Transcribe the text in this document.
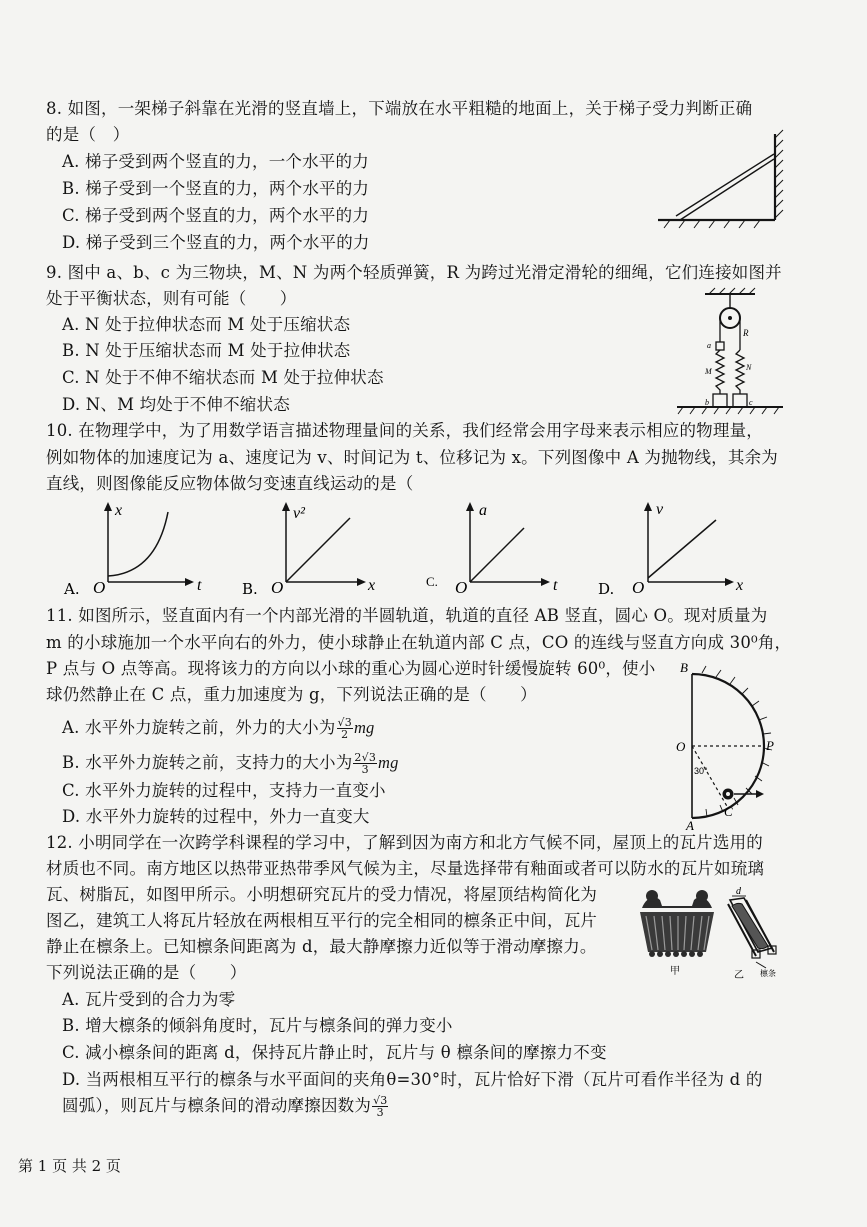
8. 如图，一架梯子斜靠在光滑的竖直墙上，下端放在水平粗糙的地面上，关于梯子受力判断正确
的是（　）
A. 梯子受到两个竖直的力，一个水平的力
B. 梯子受到一个竖直的力，两个水平的力
C. 梯子受到两个竖直的力，两个水平的力
D. 梯子受到三个竖直的力，两个水平的力
9. 图中 a、b、c 为三物块，M、N 为两个轻质弹簧，R 为跨过光滑定滑轮的细绳，它们连接如图并
处于平衡状态，则有可能（　　）
A. N 处于拉伸状态而 M 处于压缩状态
B. N 处于压缩状态而 M 处于拉伸状态
C. N 处于不伸不缩状态而 M 处于拉伸状态
D. N、M 均处于不伸不缩状态
R
a
M	N
b	c
10. 在物理学中，为了用数学语言描述物理量间的关系，我们经常会用字母来表示相应的物理量，
例如物体的加速度记为 a、速度记为 v、时间记为 t、位移记为 x。下列图像中 A 为抛物线，其余为
直线，则图像能反应物体做匀变速直线运动的是（
A. O
x
t	B. O
v²
x	C. O
a
t	D. O
v
x
11. 如图所示，竖直面内有一个内部光滑的半圆轨道，轨道的直径 AB 竖直，圆心 O。现对质量为
m 的小球施加一个水平向右的外力，使小球静止在轨道内部 C 点，CO 的连线与竖直方向成 30⁰角，
P 点与 O 点等高。现将该力的方向以小球的重心为圆心逆时针缓慢旋转 60⁰，使小
球仍然静止在 C 点，重力加速度为 g，下列说法正确的是（　　）
A. 水平外力旋转之前，外力的大小为 $\frac{√3}{2}$ mg
B. 水平外力旋转之前，支持力的大小为 $\frac{2√3}{3}$ mg
C. 水平外力旋转的过程中，支持力一直变小
D. 水平外力旋转的过程中，外力一直变大
B
O	P
30°
A
C
12. 小明同学在一次跨学科课程的学习中，了解到因为南方和北方气候不同，屋顶上的瓦片选用的
材质也不同。南方地区以热带亚热带季风气候为主，尽量选择带有釉面或者可以防水的瓦片如琉璃
瓦、树脂瓦，如图甲所示。小明想研究瓦片的受力情况，将屋顶结构简化为
图乙，建筑工人将瓦片轻放在两根相互平行的完全相同的檩条正中间，瓦片
静止在檩条上。已知檩条间距离为 d，最大静摩擦力近似等于滑动摩擦力。
下列说法正确的是（　　）
A. 瓦片受到的合力为零
B. 增大檩条的倾斜角度时，瓦片与檩条间的弹力变小
C. 减小檩条间的距离 d，保持瓦片静止时，瓦片与 θ 檩条间的摩擦力不变
D. 当两根相互平行的檩条与水平面间的夹角θ=30°时，瓦片恰好下滑（瓦片可看作半径为 d 的
圆弧），则瓦片与檩条间的滑动摩擦因数为 $\frac{√3}{3}$
甲
d
乙 檩条
第 1 页 共 2 页
